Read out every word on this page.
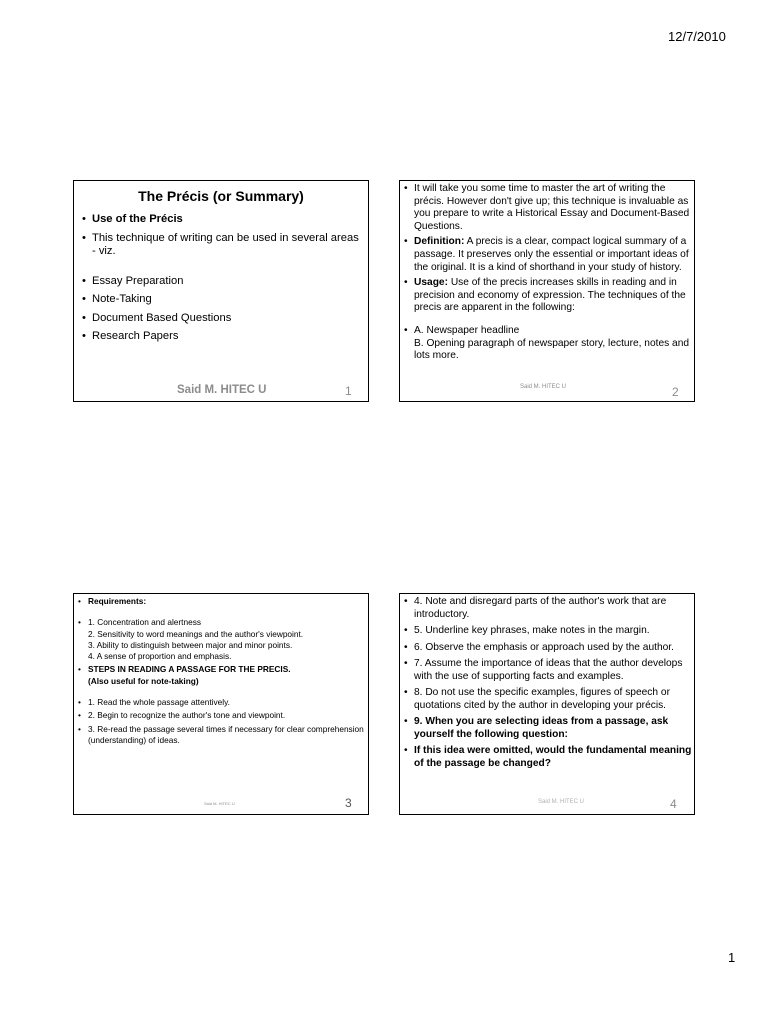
12/7/2010
The Précis (or Summary)
• Use of the Précis
• This technique of writing can be used in several areas - viz.
• Essay Preparation
• Note-Taking
• Document Based Questions
• Research Papers
Said M. HITEC U	1
• It will take you some time to master the art of writing the précis. However don't give up; this technique is invaluable as you prepare to write a Historical Essay and Document-Based Questions.
• Definition: A precis is a clear, compact logical summary of a passage. It preserves only the essential or important ideas of the original. It is a kind of shorthand in your study of history.
• Usage: Use of the precis increases skills in reading and in precision and economy of expression. The techniques of the precis are apparent in the following:
• A. Newspaper headline
B. Opening paragraph of newspaper story, lecture, notes and lots more.
Said M. HITEC U	2
• Requirements:
• 1. Concentration and alertness
2. Sensitivity to word meanings and the author's viewpoint.
3. Ability to distinguish between major and minor points.
4. A sense of proportion and emphasis.
• STEPS IN READING A PASSAGE FOR THE PRECIS.
(Also useful for note-taking)
• 1. Read the whole passage attentively.
• 2. Begin to recognize the author's tone and viewpoint.
• 3. Re-read the passage several times if necessary for clear comprehension (understanding) of ideas.
Said M. HITEC U	3
• 4. Note and disregard parts of the author's work that are introductory.
• 5. Underline key phrases, make notes in the margin.
• 6. Observe the emphasis or approach used by the author.
• 7. Assume the importance of ideas that the author develops with the use of supporting facts and examples.
• 8. Do not use the specific examples, figures of speech or quotations cited by the author in developing your précis.
• 9. When you are selecting ideas from a passage, ask yourself the following question:
• If this idea were omitted, would the fundamental meaning of the passage be changed?
Said M. HITEC U	4
1
